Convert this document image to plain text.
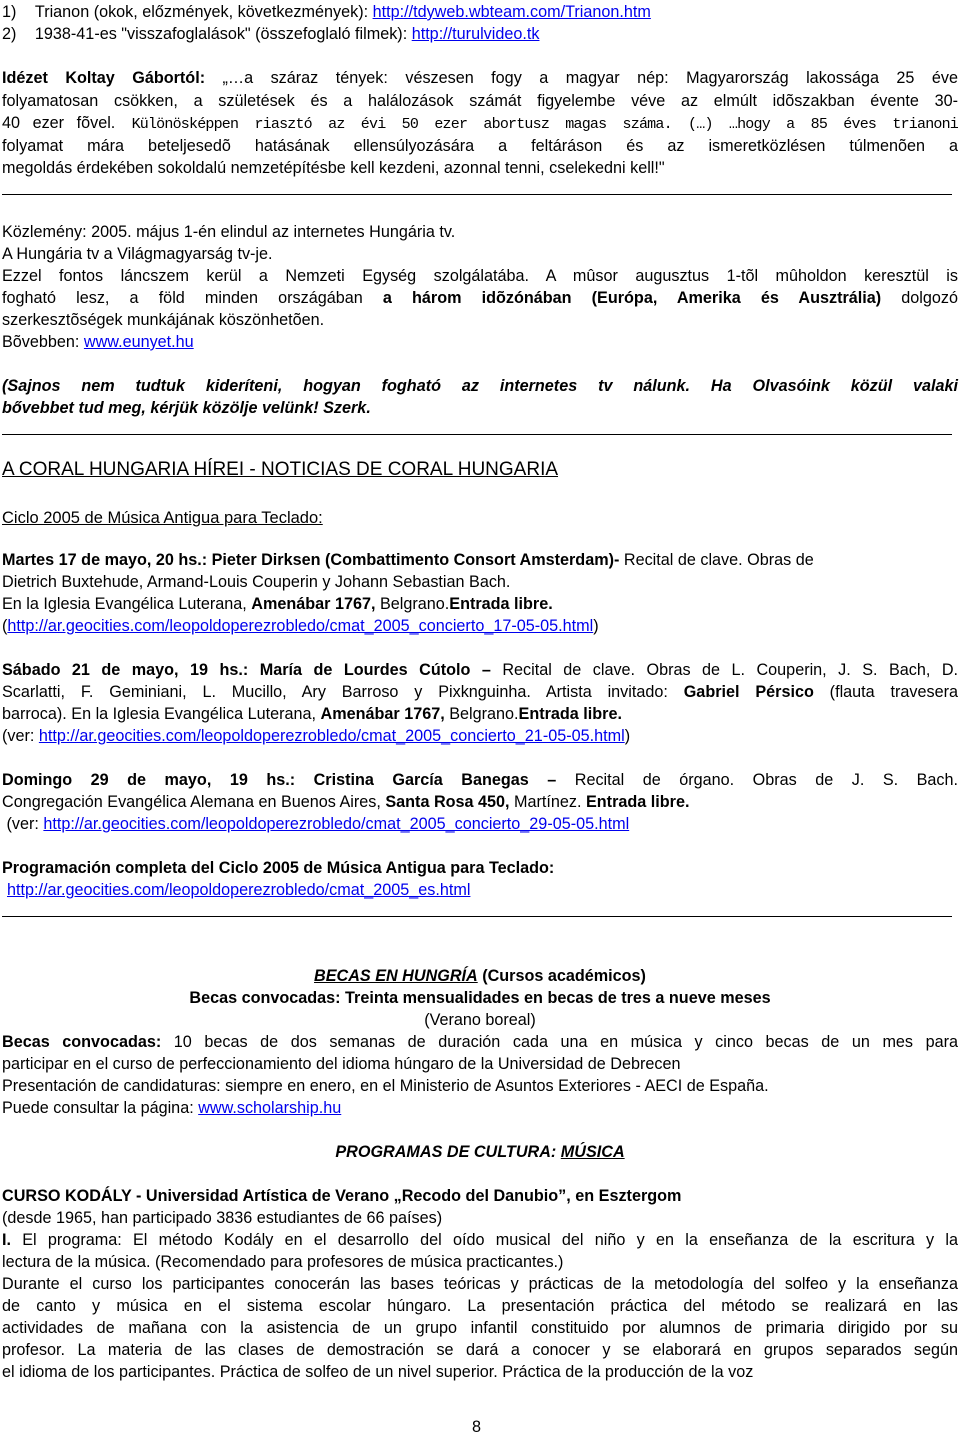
1) Trianon (okok, előzmények, következmények): http://tdyweb.wbteam.com/Trianon.htm
2) 1938-41-es "visszafoglalások" (összefoglaló filmek): http://turulvideo.tk
Idézet Koltay Gábortól: „…a száraz tények: vészesen fogy a magyar nép: Magyarország lakossága 25 éve
folyamatosan csökken, a születések és a halálozások számát figyelembe véve az elmúlt idõszakban évente 30-
40 ezer fõvel. Különösképpen riasztó az évi 50 ezer abortusz magas száma. (…) …hogy a 85 éves trianoni
folyamat mára beteljesedõ hatásának ellensúlyozására a feltáráson és az ismeretközlésen túlmenõen a
megoldás érdekében sokoldalú nemzetépítésbe kell kezdeni, azonnal tenni, cselekedni kell!"
Közlemény: 2005. május 1-én elindul az internetes Hungária tv.
A Hungária tv a Világmagyarság tv-je.
Ezzel fontos láncszem kerül a Nemzeti Egység szolgálatába. A mûsor augusztus 1-tõl mûholdon keresztül is
fogható lesz, a föld minden országában a három idõzónában (Európa, Amerika és Ausztrália) dolgozó
szerkesztõségek munkájának köszönhetõen.
Bõvebben: www.eunyet.hu
(Sajnos nem tudtuk kideríteni, hogyan fogható az internetes tv nálunk. Ha Olvasóink közül valaki
bővebbet tud meg, kérjük közölje velünk! Szerk.
A CORAL HUNGARIA HÍREI - NOTICIAS DE CORAL HUNGARIA
Ciclo 2005 de Música Antigua para Teclado:
Martes 17 de mayo, 20 hs.: Pieter Dirksen (Combattimento Consort Amsterdam)- Recital de clave. Obras de
Dietrich Buxtehude, Armand-Louis Couperin y Johann Sebastian Bach.
En la Iglesia Evangélica Luterana, Amenábar 1767, Belgrano.Entrada libre.
(http://ar.geocities.com/leopoldoperezrobledo/cmat_2005_concierto_17-05-05.html)
Sábado 21 de mayo, 19 hs.: María de Lourdes Cútolo – Recital de clave. Obras de L. Couperin, J. S. Bach, D.
Scarlatti, F. Geminiani, L. Mucillo, Ary Barroso y Pixknguinha. Artista invitado: Gabriel Pérsico (flauta travesera
barroca). En la Iglesia Evangélica Luterana, Amenábar 1767, Belgrano.Entrada libre.
(ver: http://ar.geocities.com/leopoldoperezrobledo/cmat_2005_concierto_21-05-05.html)
Domingo 29 de mayo, 19 hs.: Cristina García Banegas – Recital de órgano. Obras de J. S. Bach.
Congregación Evangélica Alemana en Buenos Aires, Santa Rosa 450, Martínez. Entrada libre.
(ver: http://ar.geocities.com/leopoldoperezrobledo/cmat_2005_concierto_29-05-05.html
Programación completa del Ciclo 2005 de Música Antigua para Teclado:
http://ar.geocities.com/leopoldoperezrobledo/cmat_2005_es.html
BECAS EN HUNGRÍA (Cursos académicos)
Becas convocadas: Treinta mensualidades en becas de tres a nueve meses
(Verano boreal)
Becas convocadas: 10 becas de dos semanas de duración cada una en música y cinco becas de un mes para
participar en el curso de perfeccionamiento del idioma húngaro de la Universidad de Debrecen
Presentación de candidaturas: siempre en enero, en el Ministerio de Asuntos Exteriores - AECI de España.
Puede consultar la página: www.scholarship.hu
PROGRAMAS DE CULTURA: MÚSICA
CURSO KODÁLY - Universidad Artística de Verano „Recodo del Danubio”, en Esztergom
(desde 1965, han participado 3836 estudiantes de 66 países)
I. El programa: El método Kodály en el desarrollo del oído musical del niño y en la enseñanza de la escritura y la
lectura de la música. (Recomendado para profesores de música practicantes.)
Durante el curso los participantes conocerán las bases teóricas y prácticas de la metodología del solfeo y la enseñanza
de canto y música en el sistema escolar húngaro. La presentación práctica del método se realizará en las
actividades de mañana con la asistencia de un grupo infantil constituido por alumnos de primaria dirigido por su
profesor. La materia de las clases de demostración se dará a conocer y se elaborará en grupos separados según
el idioma de los participantes. Práctica de solfeo de un nivel superior. Práctica de la producción de la voz
8
